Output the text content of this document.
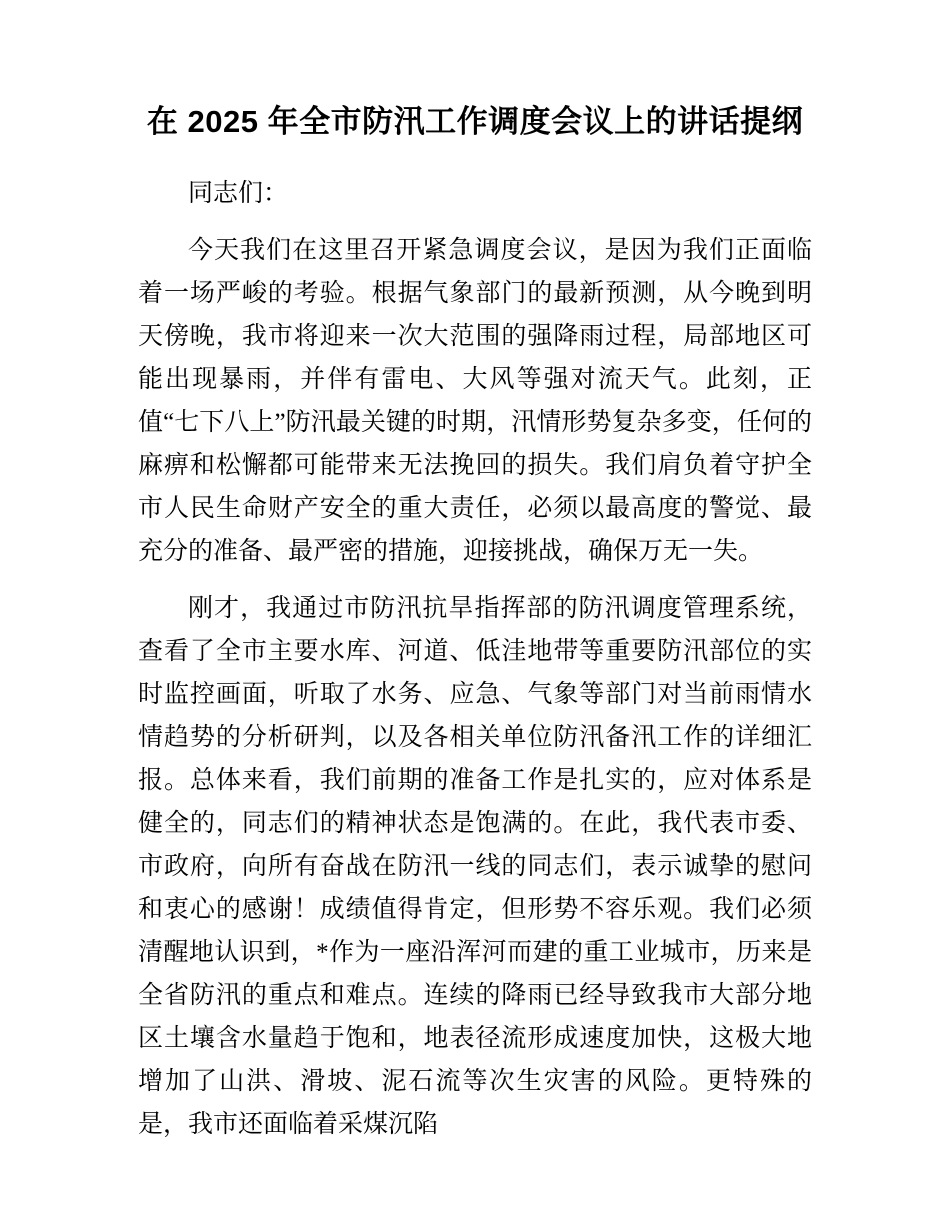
在 2025 年全市防汛工作调度会议上的讲话提纲

同志们：

今天我们在这里召开紧急调度会议，是因为我们正面临着一场严峻的考验。根据气象部门的最新预测，从今晚到明天傍晚，我市将迎来一次大范围的强降雨过程，局部地区可能出现暴雨，并伴有雷电、大风等强对流天气。此刻，正值“七下八上”防汛最关键的时期，汛情形势复杂多变，任何的麻痹和松懈都可能带来无法挽回的损失。我们肩负着守护全市人民生命财产安全的重大责任，必须以最高度的警觉、最充分的准备、最严密的措施，迎接挑战，确保万无一失。

刚才，我通过市防汛抗旱指挥部的防汛调度管理系统，查看了全市主要水库、河道、低洼地带等重要防汛部位的实时监控画面，听取了水务、应急、气象等部门对当前雨情水情趋势的分析研判，以及各相关单位防汛备汛工作的详细汇报。总体来看，我们前期的准备工作是扎实的，应对体系是健全的，同志们的精神状态是饱满的。在此，我代表市委、市政府，向所有奋战在防汛一线的同志们，表示诚挚的慰问和衷心的感谢！成绩值得肯定，但形势不容乐观。我们必须清醒地认识到，*作为一座沿浑河而建的重工业城市，历来是全省防汛的重点和难点。连续的降雨已经导致我市大部分地区土壤含水量趋于饱和，地表径流形成速度加快，这极大地增加了山洪、滑坡、泥石流等次生灾害的风险。更特殊的是，我市还面临着采煤沉陷
